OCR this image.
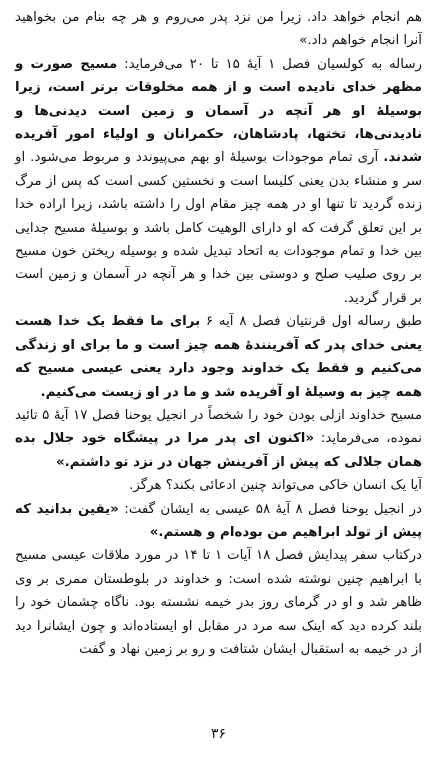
هم انجام خواهد داد. زیرا من نزد پدر می‌روم و هر چه بنام من بخواهید آنرا انجام خواهم داد.»

رساله به کولسیان فصل ۱ آیهٔ ۱۵ تا ۲۰ می‌فرماید: مسیح صورت و مظهر خدای نادیده است و از همه مخلوقات برتر است، زیرا بوسیلهٔ او هر آنچه در آسمان و زمین است دیدنی‌ها و نادیدنی‌ها، تختها، پادشاهان، حکمرانان و اولیاء امور آفریده شدند. آری تمام موجودات بوسیلهٔ او بهم می‌پیوندد و مربوط می‌شود. او سر و منشاء بدن یعنی کلیسا است و نخستین کسی است که پس از مرگ زنده گردید تا تنها او در همه چیز مقام اول را داشته باشد، زیرا اراده خدا بر این تعلق گرفت که او دارای الوهیت کامل باشد و بوسیلهٔ مسیح جدایی بین خدا و تمام موجودات به اتحاد تبدیل شده و بوسیله ریختن خون مسیح بر روی صلیب صلح و دوستی بین خدا و هر آنچه در آسمان و زمین است بر قرار گردید.

طبق رساله اول قرنتیان فصل ۸ آیه ۶ برای ما فقط یک خدا هست یعنی خدای پدر که آفرینندهٔ همه چیز است و ما برای او زندگی می‌کنیم و فقط یک خداوند وجود دارد یعنی عیسی مسیح که همه چیز به وسیلهٔ او آفریده شد و ما در او زیست می‌کنیم.

مسیح خداوند ازلی بودن خود را شخصاً در انجیل یوحنا فصل ۱۷ آیهٔ ۵ تائید نموده، می‌فرماید: «اکنون ای پدر مرا در پیشگاه خود جلال بده همان جلالی که پیش از آفرینش جهان در نزد تو داشتم.»

آیا یک انسان خاکی می‌تواند چنین ادعائی بکند؟ هرگز.

در انجیل یوحنا فصل ۸ آیهٔ ۵۸ عیسی به ایشان گفت: «یقین بدانید که پیش از تولد ابراهیم من بوده‌ام و هستم.»

درکتاب سفر پیدایش فصل ۱۸ آیات ۱ تا ۱۴ در مورد ملاقات عیسی مسیح با ابراهیم چنین نوشته شده است: و خداوند در بلوطستان ممری بر وی ظاهر شد و او در گرمای روز بدر خیمه نشسته بود. ناگاه چشمان خود را بلند کرده دید که اینک سه مرد در مقابل او ایستاده‌اند و چون ایشانرا دید از در خیمه به استقبال ایشان شتافت و رو بر زمین نهاد و گفت

۳۶
